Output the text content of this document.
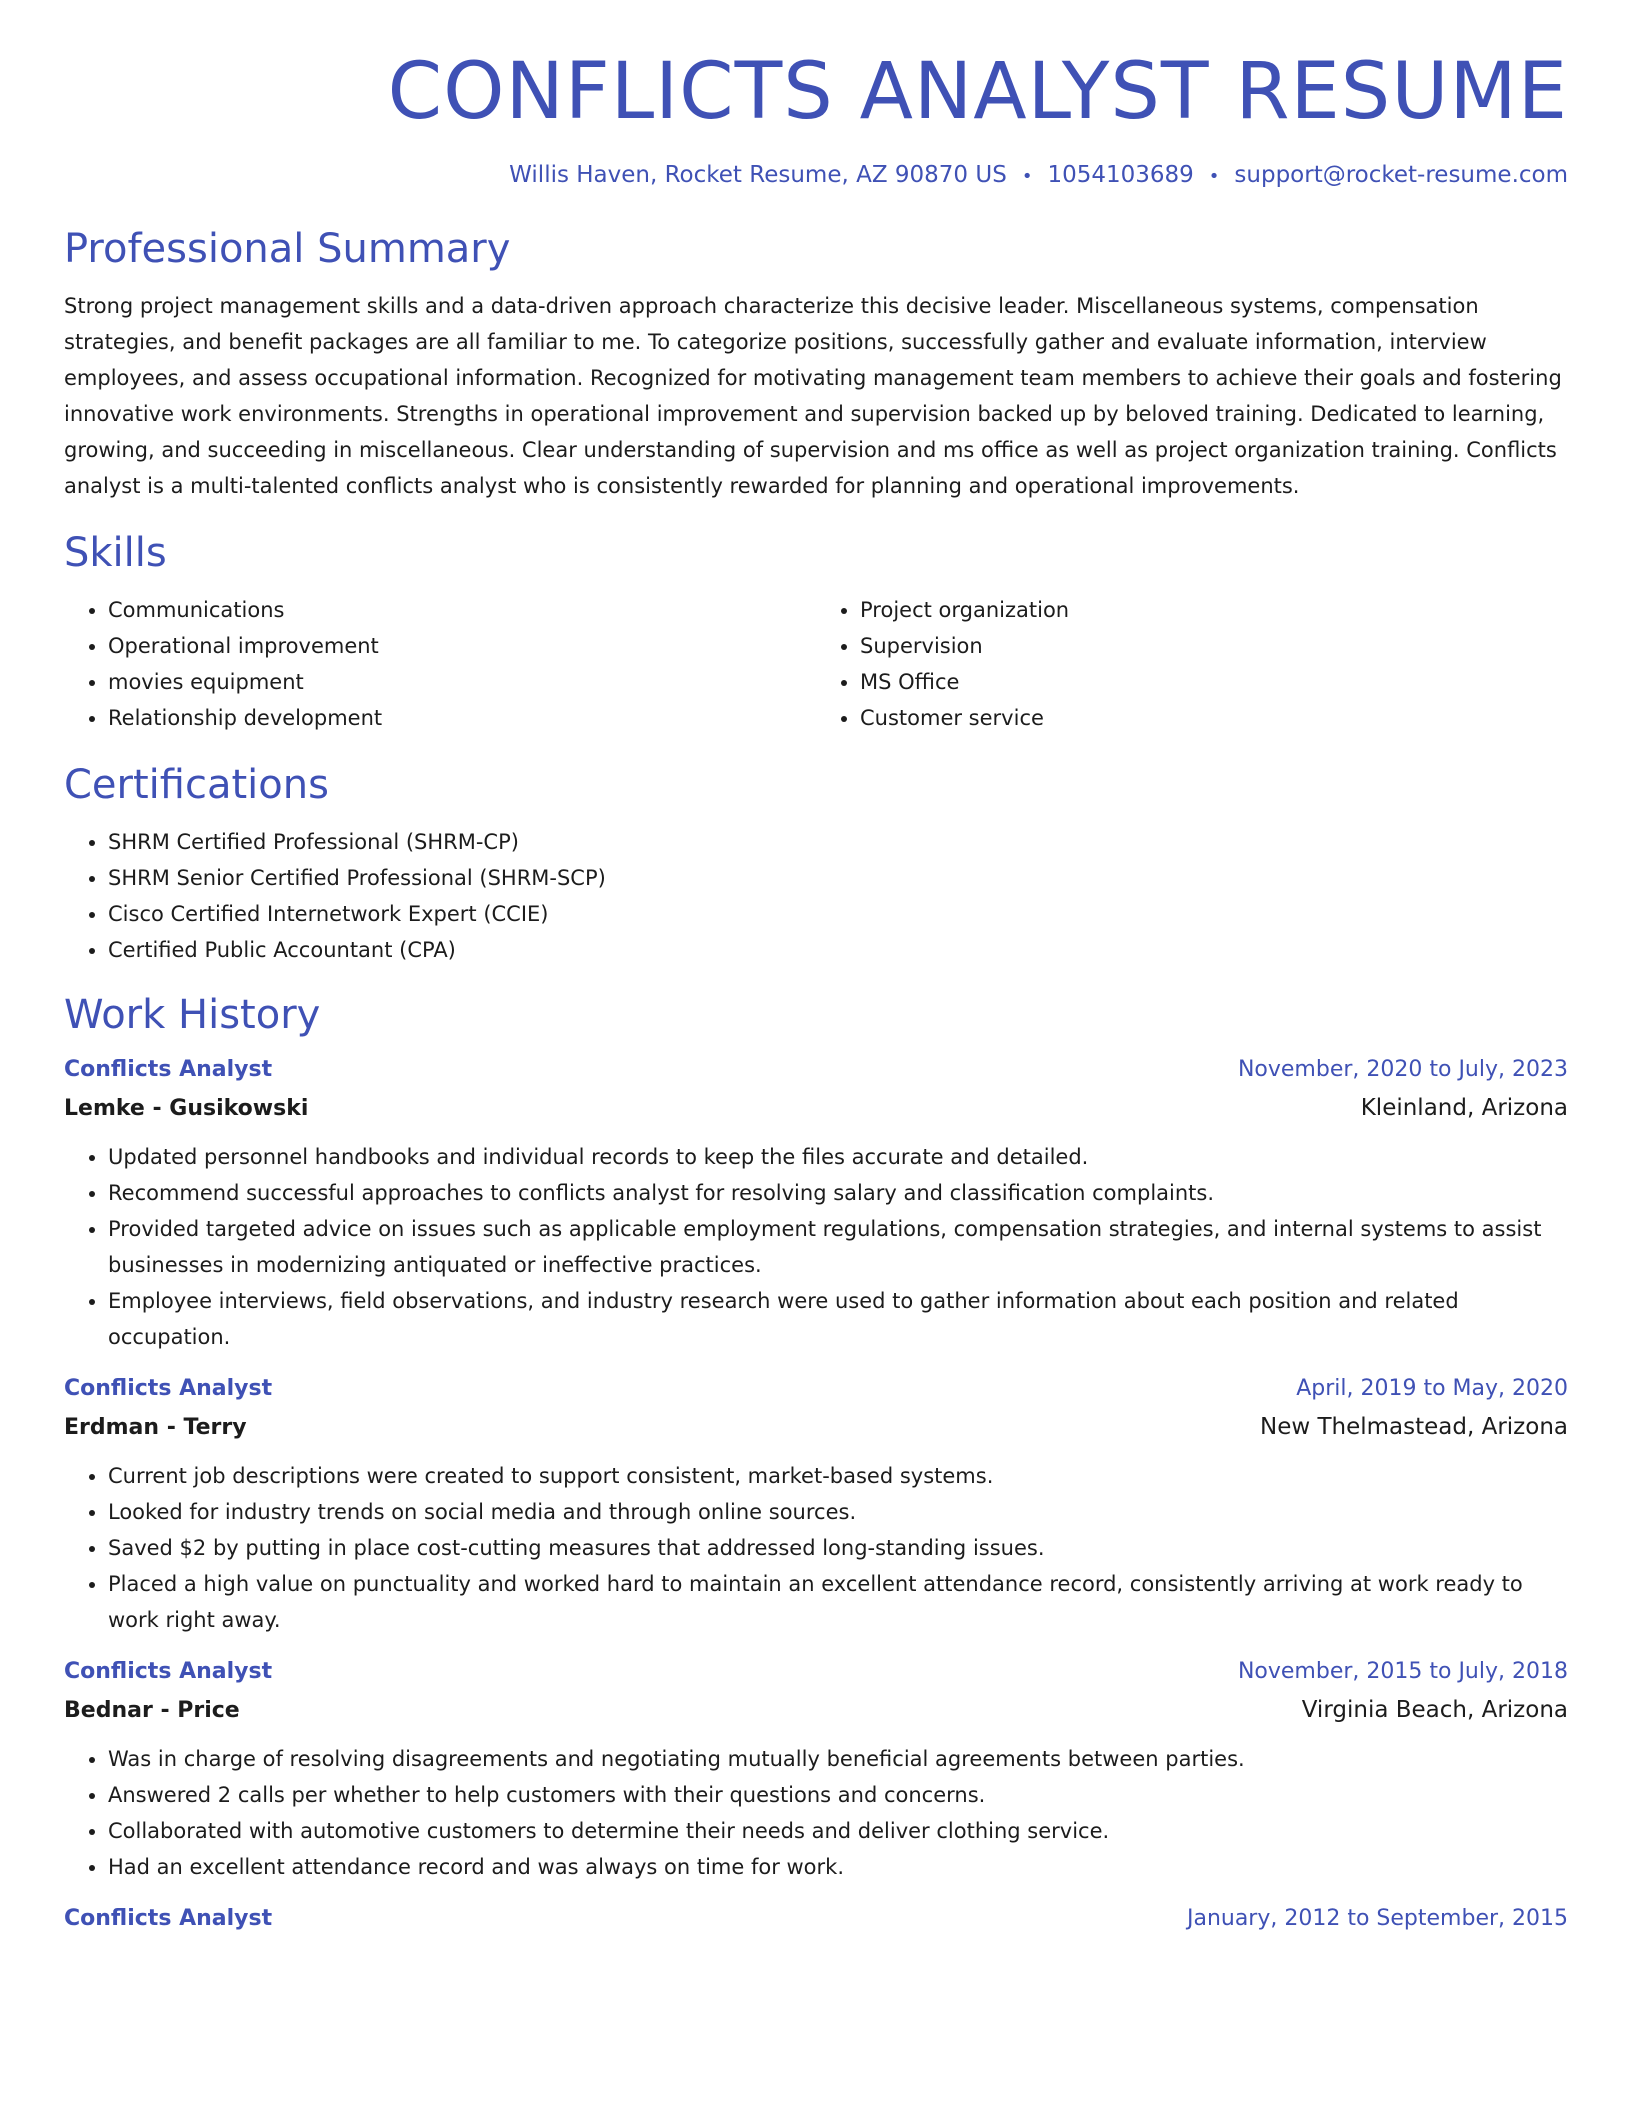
CONFLICTS ANALYST RESUME
Willis Haven, Rocket Resume, AZ 90870 US • 1054103689 • support@rocket-resume.com
Professional Summary

Strong project management skills and a data-driven approach characterize this decisive leader. Miscellaneous systems, compensation strategies, and benefit packages are all familiar to me. To categorize positions, successfully gather and evaluate information, interview employees, and assess occupational information. Recognized for motivating management team members to achieve their goals and fostering innovative work environments. Strengths in operational improvement and supervision backed up by beloved training. Dedicated to learning, growing, and succeeding in miscellaneous. Clear understanding of supervision and ms office as well as project organization training. Conflicts analyst is a multi-talented conflicts analyst who is consistently rewarded for planning and operational improvements.

Skills
• Communications
• Operational improvement
• movies equipment
• Relationship development
• Project organization
• Supervision
• MS Office
• Customer service
Certifications
• SHRM Certified Professional (SHRM-CP)
• SHRM Senior Certified Professional (SHRM-SCP)
• Cisco Certified Internetwork Expert (CCIE)
• Certified Public Accountant (CPA)
Work History
Conflicts Analyst	November, 2020 to July, 2023
Lemke - Gusikowski	Kleinland, Arizona
• Updated personnel handbooks and individual records to keep the files accurate and detailed.
• Recommend successful approaches to conflicts analyst for resolving salary and classification complaints.
• Provided targeted advice on issues such as applicable employment regulations, compensation strategies, and internal systems to assist businesses in modernizing antiquated or ineffective practices.
• Employee interviews, field observations, and industry research were used to gather information about each position and related occupation.
Conflicts Analyst	April, 2019 to May, 2020
Erdman - Terry	New Thelmastead, Arizona
• Current job descriptions were created to support consistent, market-based systems.
• Looked for industry trends on social media and through online sources.
• Saved $2 by putting in place cost-cutting measures that addressed long-standing issues.
• Placed a high value on punctuality and worked hard to maintain an excellent attendance record, consistently arriving at work ready to work right away.
Conflicts Analyst	November, 2015 to July, 2018
Bednar - Price	Virginia Beach, Arizona
• Was in charge of resolving disagreements and negotiating mutually beneficial agreements between parties.
• Answered 2 calls per whether to help customers with their questions and concerns.
• Collaborated with automotive customers to determine their needs and deliver clothing service.
• Had an excellent attendance record and was always on time for work.
Conflicts Analyst	January, 2012 to September, 2015
